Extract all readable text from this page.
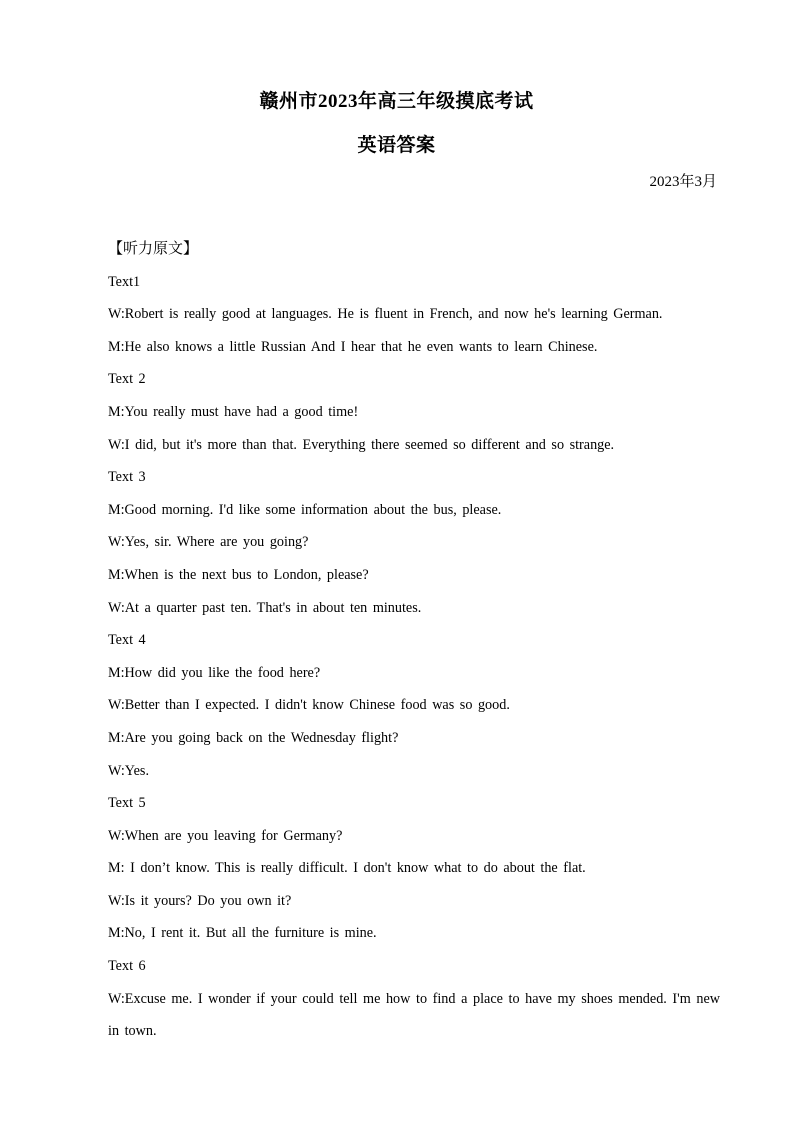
赣州市2023年高三年级摸底考试
英语答案
2023年3月
【听力原文】
Text1
W:Robert is really good at languages. He is fluent in French, and now he's learning German.
M:He also knows a little Russian And I hear that he even wants to learn Chinese.
Text 2
M:You really must have had a good time!
W:I did, but it's more than that. Everything there seemed so different and so strange.
Text 3
M:Good morning. I'd like some information about the bus, please.
W:Yes, sir. Where are you going?
M:When is the next bus to London, please?
W:At a quarter past ten. That's in about ten minutes.
Text 4
M:How did you like the food here?
W:Better than I expected. I didn't know Chinese food was so good.
M:Are you going back on the Wednesday flight?
W:Yes.
Text 5
W:When are you leaving for Germany?
M: I don’t know. This is really difficult. I don't know what to do about the flat.
W:Is it yours? Do you own it?
M:No, I rent it. But all the furniture is mine.
Text 6
W:Excuse me. I wonder if your could tell me how to find a place to have my shoes mended. I'm new in town.
